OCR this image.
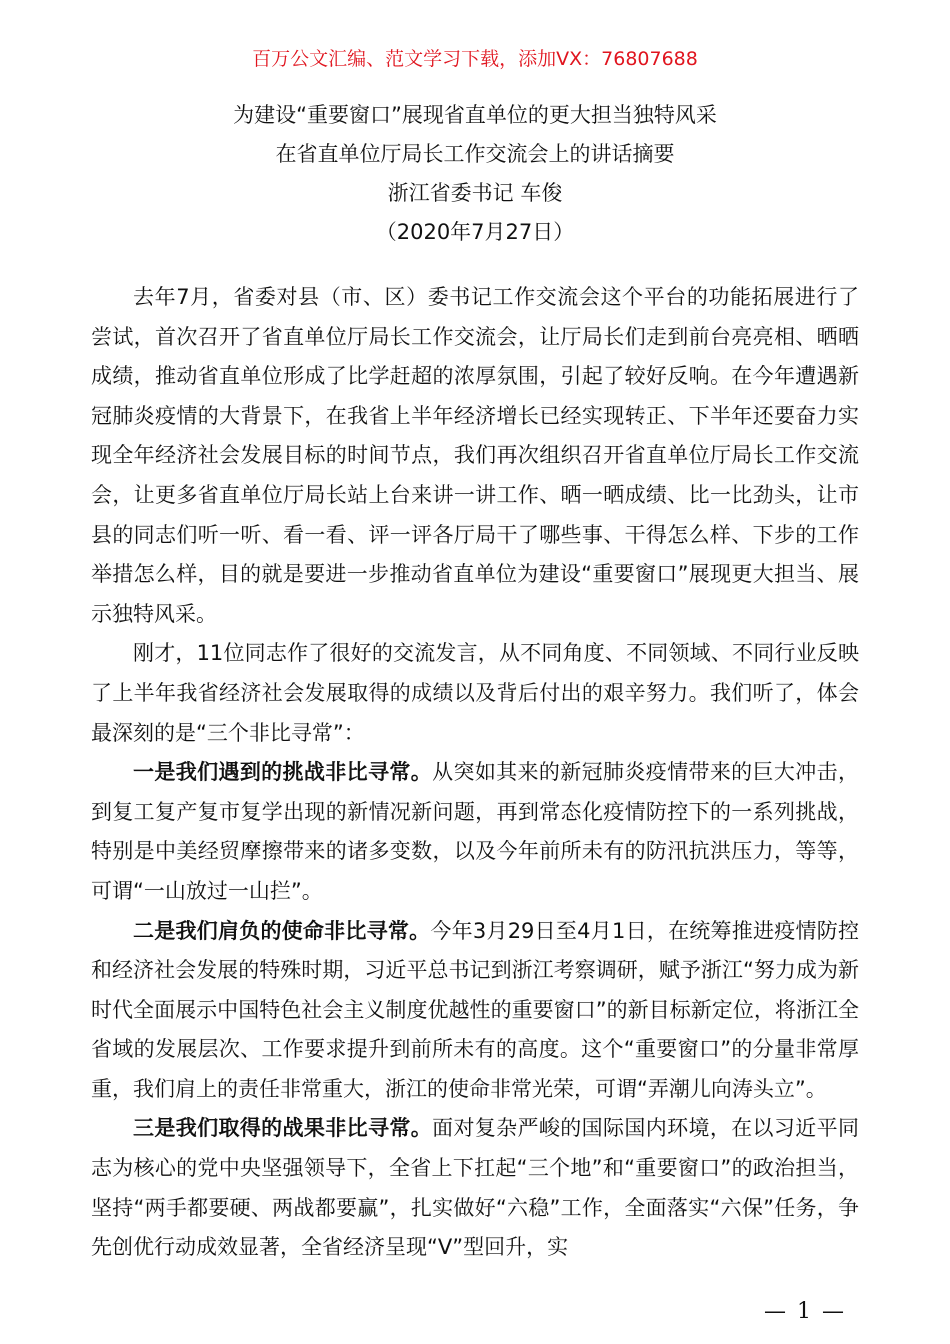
百万公文汇编、范文学习下载，添加VX：76807688
为建设“重要窗口”展现省直单位的更大担当独特风采
在省直单位厅局长工作交流会上的讲话摘要
浙江省委书记 车俊
（2020年7月27日）

去年7月，省委对县（市、区）委书记工作交流会这个平台的功能拓展进行了尝试，首次召开了省直单位厅局长工作交流会，让厅局长们走到前台亮亮相、晒晒成绩，推动省直单位形成了比学赶超的浓厚氛围，引起了较好反响。在今年遭遇新冠肺炎疫情的大背景下，在我省上半年经济增长已经实现转正、下半年还要奋力实现全年经济社会发展目标的时间节点，我们再次组织召开省直单位厅局长工作交流会，让更多省直单位厅局长站上台来讲一讲工作、晒一晒成绩、比一比劲头，让市县的同志们听一听、看一看、评一评各厅局干了哪些事、干得怎么样、下步的工作举措怎么样，目的就是要进一步推动省直单位为建设“重要窗口”展现更大担当、展示独特风采。

刚才，11位同志作了很好的交流发言，从不同角度、不同领域、不同行业反映了上半年我省经济社会发展取得的成绩以及背后付出的艰辛努力。我们听了，体会最深刻的是“三个非比寻常”：

一是我们遇到的挑战非比寻常。从突如其来的新冠肺炎疫情带来的巨大冲击，到复工复产复市复学出现的新情况新问题，再到常态化疫情防控下的一系列挑战，特别是中美经贸摩擦带来的诸多变数，以及今年前所未有的防汛抗洪压力，等等，可谓“一山放过一山拦”。

二是我们肩负的使命非比寻常。今年3月29日至4月1日，在统筹推进疫情防控和经济社会发展的特殊时期，习近平总书记到浙江考察调研，赋予浙江“努力成为新时代全面展示中国特色社会主义制度优越性的重要窗口”的新目标新定位，将浙江全省域的发展层次、工作要求提升到前所未有的高度。这个“重要窗口”的分量非常厚重，我们肩上的责任非常重大，浙江的使命非常光荣，可谓“弄潮儿向涛头立”。

三是我们取得的战果非比寻常。面对复杂严峻的国际国内环境，在以习近平同志为核心的党中央坚强领导下，全省上下扛起“三个地”和“重要窗口”的政治担当，坚持“两手都要硬、两战都要赢”，扎实做好“六稳”工作，全面落实“六保”任务，争先创优行动成效显著，全省经济呈现“V”型回升，实

— 1 —
